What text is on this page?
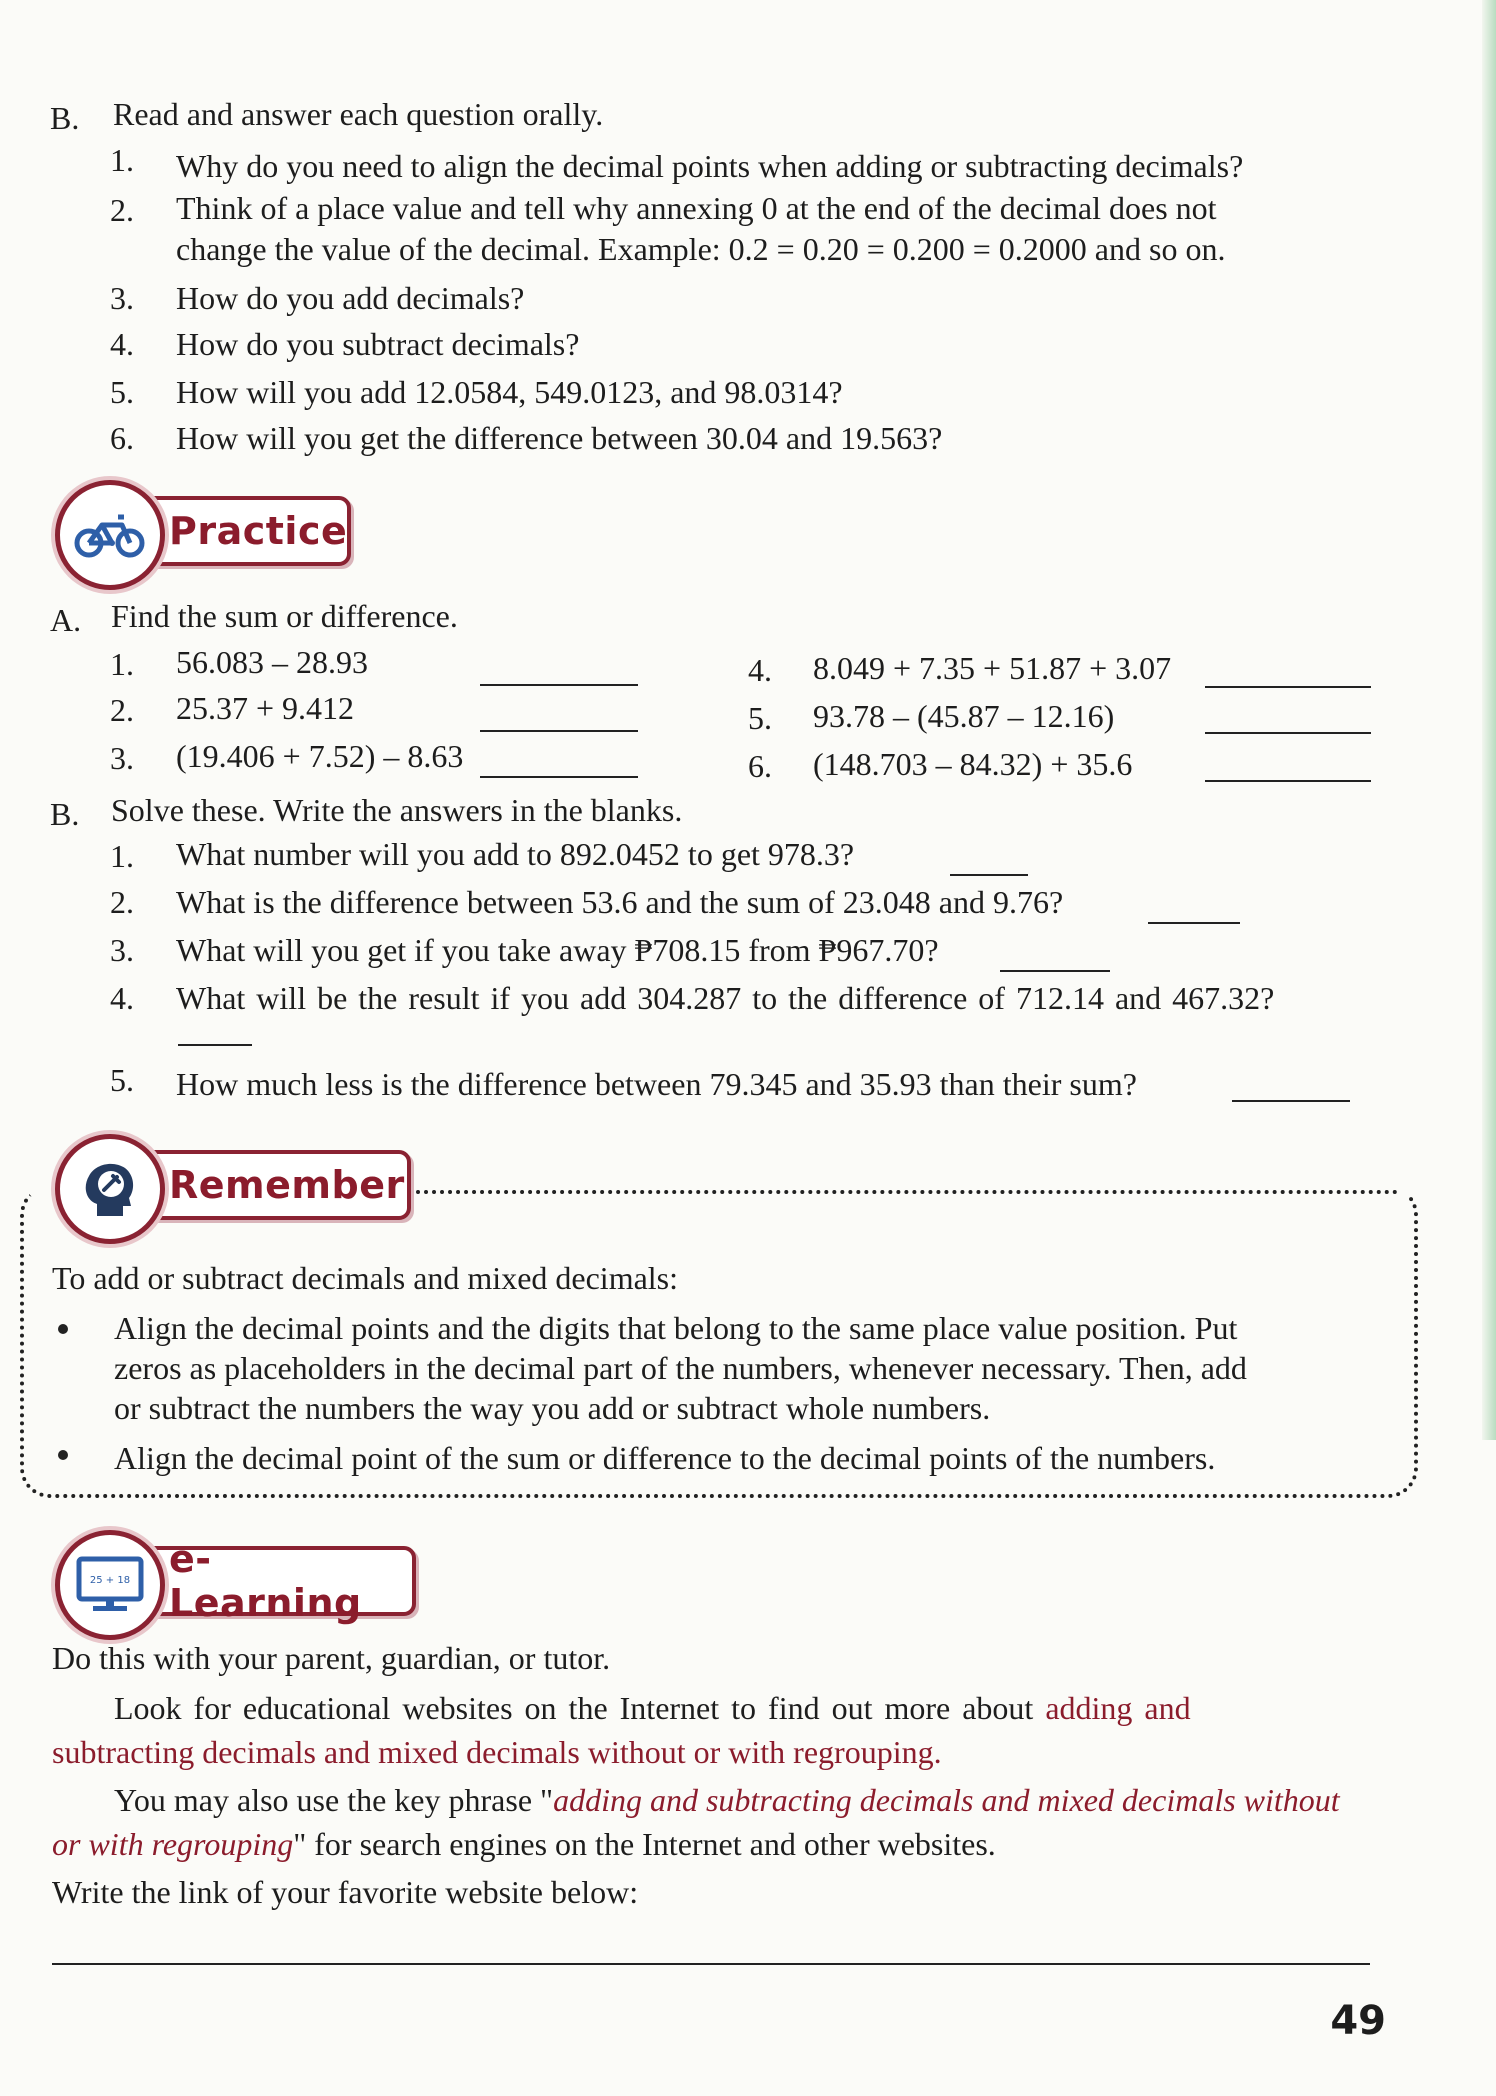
B. Read and answer each question orally.
1. Why do you need to align the decimal points when adding or subtracting decimals?
2. Think of a place value and tell why annexing 0 at the end of the decimal does not
change the value of the decimal. Example: 0.2 = 0.20 = 0.200 = 0.2000 and so on.
3. How do you add decimals?
4. How do you subtract decimals?
5. How will you add 12.0584, 549.0123, and 98.0314?
6. How will you get the difference between 30.04 and 19.563?
Practice
A. Find the sum or difference.
1. 56.083 – 28.93
2. 25.37 + 9.412
3. (19.406 + 7.52) – 8.63
4. 8.049 + 7.35 + 51.87 + 3.07
5. 93.78 – (45.87 – 12.16)
6. (148.703 – 84.32) + 35.6
B. Solve these. Write the answers in the blanks.
1. What number will you add to 892.0452 to get 978.3?
2. What is the difference between 53.6 and the sum of 23.048 and 9.76?
3. What will you get if you take away ₱708.15 from ₱967.70?
4. What will be the result if you add 304.287 to the difference of 712.14 and 467.32?
5. How much less is the difference between 79.345 and 35.93 than their sum?
Remember
To add or subtract decimals and mixed decimals:
Align the decimal points and the digits that belong to the same place value position. Put
zeros as placeholders in the decimal part of the numbers, whenever necessary. Then, add
or subtract the numbers the way you add or subtract whole numbers.
Align the decimal point of the sum or difference to the decimal points of the numbers.
25 + 18 e-Learning
Do this with your parent, guardian, or tutor.
Look for educational websites on the Internet to find out more about adding and
subtracting decimals and mixed decimals without or with regrouping.
You may also use the key phrase "adding and subtracting decimals and mixed decimals without
or with regrouping" for search engines on the Internet and other websites.
Write the link of your favorite website below:
49
